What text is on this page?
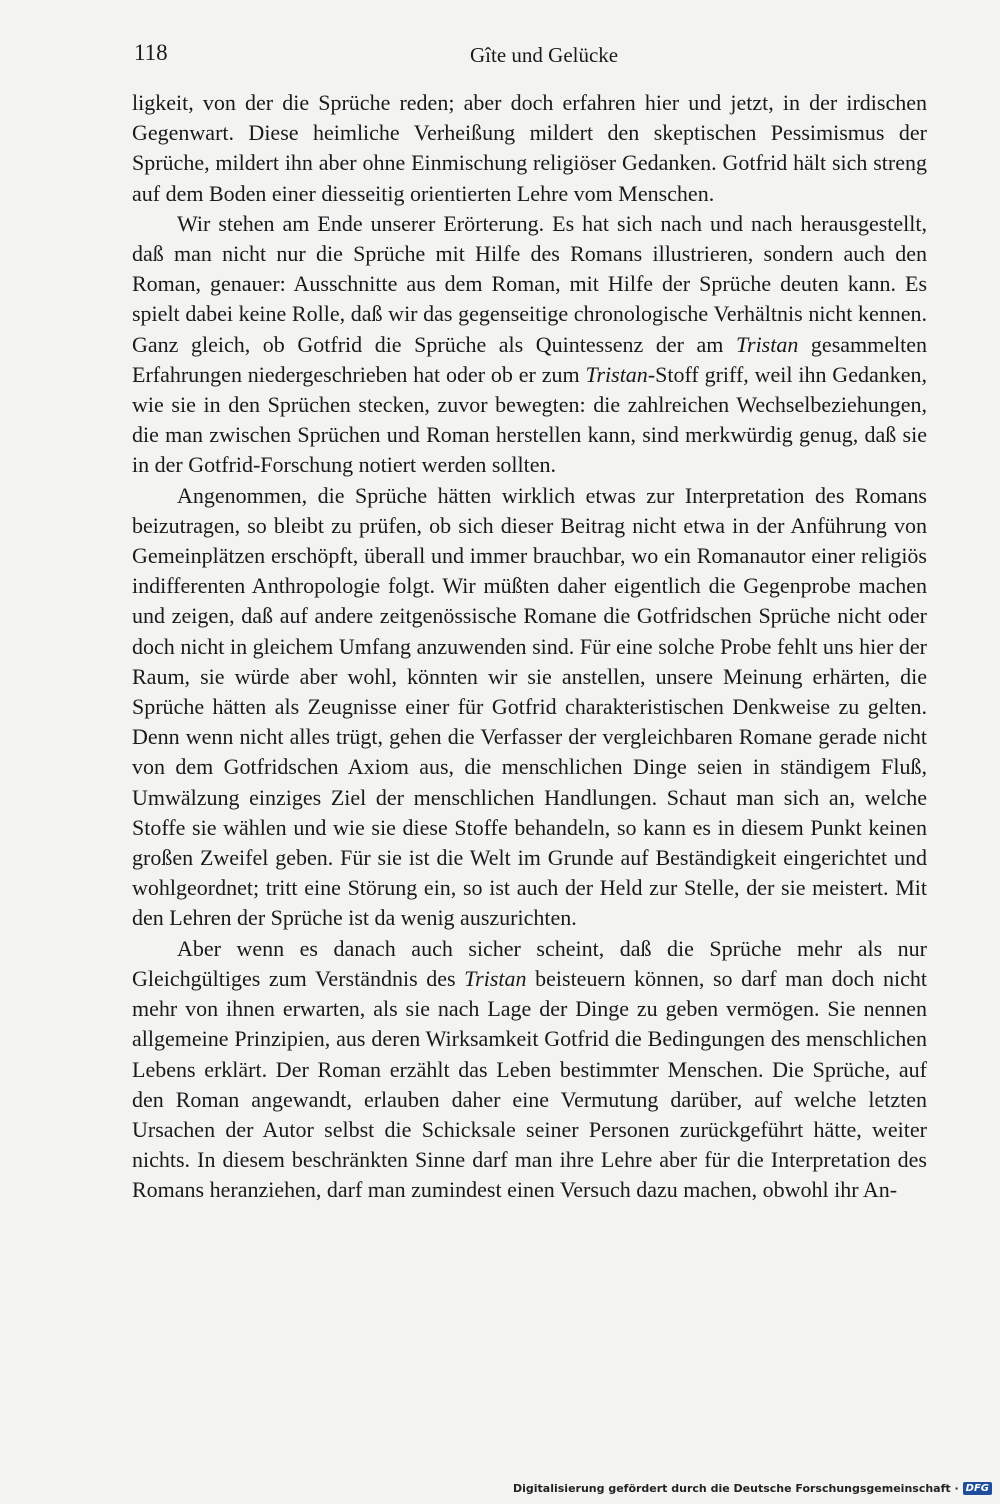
118	Gîte und Gelücke

ligkeit, von der die Sprüche reden; aber doch erfahren hier und jetzt, in der irdischen Gegenwart. Diese heimliche Verheißung mildert den skeptischen Pessimismus der Sprüche, mildert ihn aber ohne Einmischung religiöser Gedanken. Gotfrid hält sich streng auf dem Boden einer diesseitig orientierten Lehre vom Menschen.

Wir stehen am Ende unserer Erörterung. Es hat sich nach und nach herausgestellt, daß man nicht nur die Sprüche mit Hilfe des Romans illustrieren, sondern auch den Roman, genauer: Ausschnitte aus dem Roman, mit Hilfe der Sprüche deuten kann. Es spielt dabei keine Rolle, daß wir das gegenseitige chronologische Verhältnis nicht kennen. Ganz gleich, ob Gotfrid die Sprüche als Quintessenz der am Tristan gesammelten Erfahrungen niedergeschrieben hat oder ob er zum Tristan-Stoff griff, weil ihn Gedanken, wie sie in den Sprüchen stecken, zuvor bewegten: die zahlreichen Wechselbeziehungen, die man zwischen Sprüchen und Roman herstellen kann, sind merkwürdig genug, daß sie in der Gotfrid-Forschung notiert werden sollten.

Angenommen, die Sprüche hätten wirklich etwas zur Interpretation des Romans beizutragen, so bleibt zu prüfen, ob sich dieser Beitrag nicht etwa in der Anführung von Gemeinplätzen erschöpft, überall und immer brauchbar, wo ein Romanautor einer religiös indifferenten Anthropologie folgt. Wir müßten daher eigentlich die Gegenprobe machen und zeigen, daß auf andere zeitgenössische Romane die Gotfridschen Sprüche nicht oder doch nicht in gleichem Umfang anzuwenden sind. Für eine solche Probe fehlt uns hier der Raum, sie würde aber wohl, könnten wir sie anstellen, unsere Meinung erhärten, die Sprüche hätten als Zeugnisse einer für Gotfrid charakteristischen Denkweise zu gelten. Denn wenn nicht alles trügt, gehen die Verfasser der vergleichbaren Romane gerade nicht von dem Gotfridschen Axiom aus, die menschlichen Dinge seien in ständigem Fluß, Umwälzung einziges Ziel der menschlichen Handlungen. Schaut man sich an, welche Stoffe sie wählen und wie sie diese Stoffe behandeln, so kann es in diesem Punkt keinen großen Zweifel geben. Für sie ist die Welt im Grunde auf Beständigkeit eingerichtet und wohlgeordnet; tritt eine Störung ein, so ist auch der Held zur Stelle, der sie meistert. Mit den Lehren der Sprüche ist da wenig auszurichten.

Aber wenn es danach auch sicher scheint, daß die Sprüche mehr als nur Gleichgültiges zum Verständnis des Tristan beisteuern können, so darf man doch nicht mehr von ihnen erwarten, als sie nach Lage der Dinge zu geben vermögen. Sie nennen allgemeine Prinzipien, aus deren Wirksamkeit Gotfrid die Bedingungen des menschlichen Lebens erklärt. Der Roman erzählt das Leben bestimmter Menschen. Die Sprüche, auf den Roman angewandt, erlauben daher eine Vermutung darüber, auf welche letzten Ursachen der Autor selbst die Schicksale seiner Personen zurückgeführt hätte, weiter nichts. In diesem beschränkten Sinne darf man ihre Lehre aber für die Interpretation des Romans heranziehen, darf man zumindest einen Versuch dazu machen, obwohl ihr An-

Digitalisierung gefördert durch die Deutsche Forschungsgemeinschaft · DFG
